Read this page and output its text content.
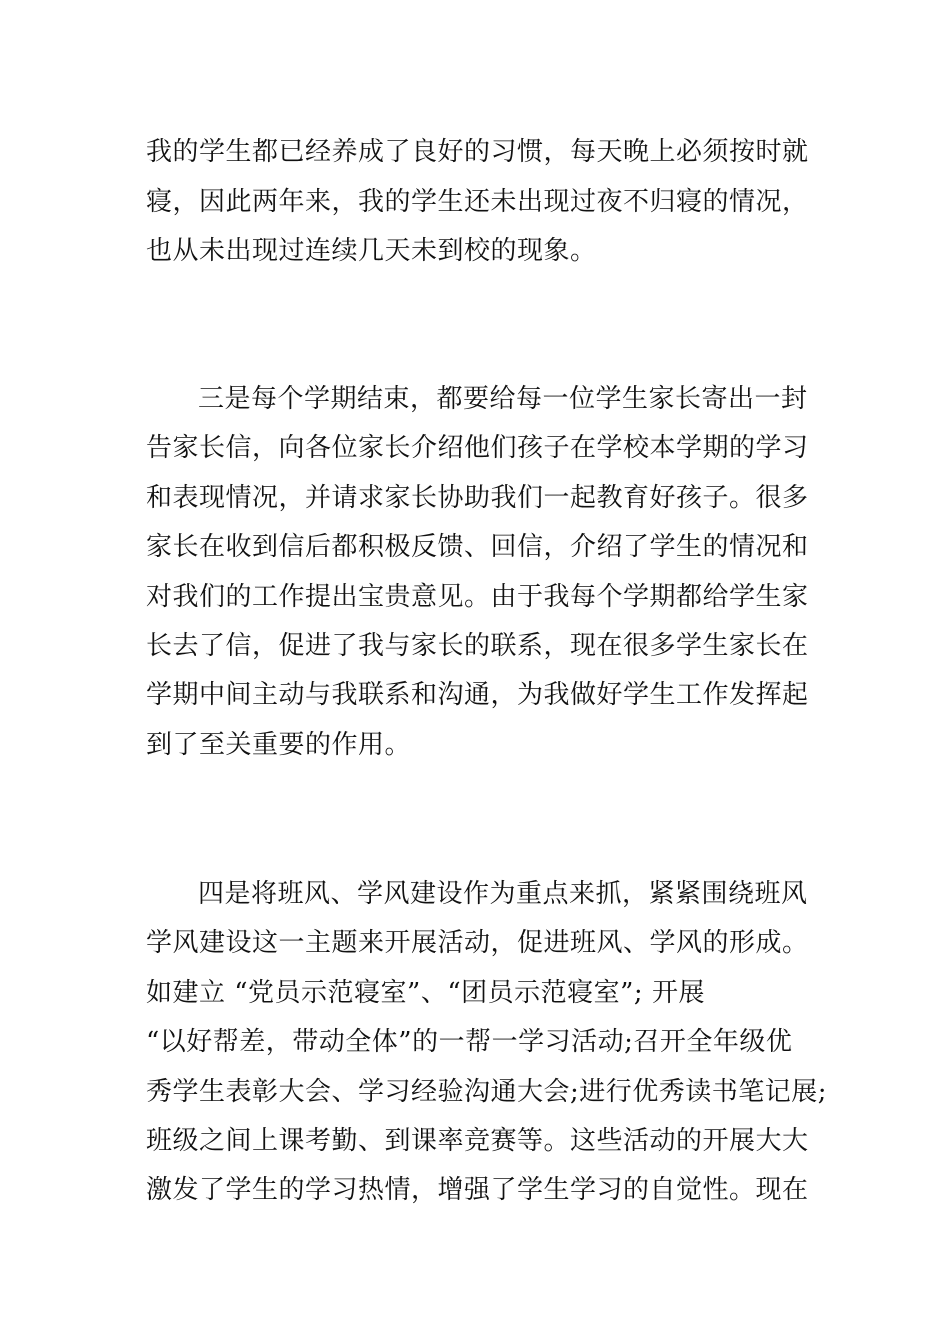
我的学生都已经养成了良好的习惯，每天晚上必须按时就
寝，因此两年来，我的学生还未出现过夜不归寝的情况，
也从未出现过连续几天未到校的现象。
三是每个学期结束，都要给每一位学生家长寄出一封
告家长信，向各位家长介绍他们孩子在学校本学期的学习
和表现情况，并请求家长协助我们一起教育好孩子。很多
家长在收到信后都积极反馈、回信，介绍了学生的情况和
对我们的工作提出宝贵意见。由于我每个学期都给学生家
长去了信，促进了我与家长的联系，现在很多学生家长在
学期中间主动与我联系和沟通，为我做好学生工作发挥起
到了至关重要的作用。
四是将班风、学风建设作为重点来抓，紧紧围绕班风
学风建设这一主题来开展活动，促进班风、学风的形成。
如建立 “党员示范寝室”、“团员示范寝室”; 开展
“以好帮差，带动全体”的一帮一学习活动;召开全年级优
秀学生表彰大会、学习经验沟通大会;进行优秀读书笔记展;
班级之间上课考勤、到课率竞赛等。这些活动的开展大大
激发了学生的学习热情，增强了学生学习的自觉性。现在
